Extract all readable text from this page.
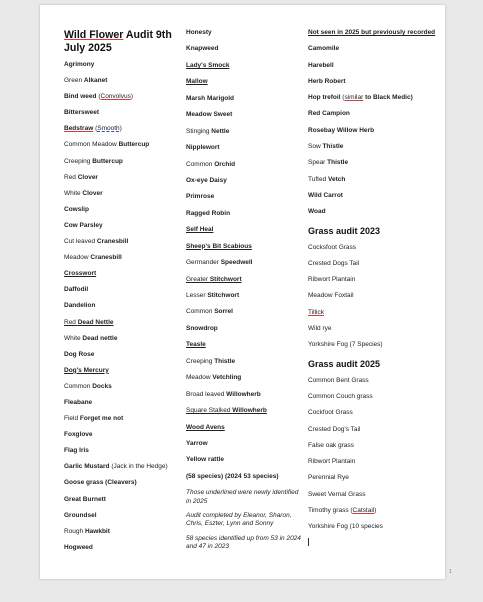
Wild Flower Audit 9th July 2025
Agrimony
Green Alkanet
Bind weed (Convolvus)
Bittersweet
Bedstraw (Smooth)
Common Meadow Buttercup
Creeping Buttercup
Red Clover
White Clover
Cowslip
Cow Parsley
Cut leaved Cranesbill
Meadow Cranesbill
Crosswort
Daffodil
Dandelion
Red Dead Nettle
White Dead nettle
Dog Rose
Dog's Mercury
Common Docks
Fleabane
Field Forget me not
Foxglove
Flag Iris
Garlic Mustard (Jack in the Hedge)
Goose grass (Cleavers)
Great Burnett
Groundsel
Rough Hawkbit
Hogweed
Honesty
Knapweed
Lady's Smock
Mallow
Marsh Marigold
Meadow Sweet
Stinging Nettle
Nipplewort
Common Orchid
Ox-eye Daisy
Primrose
Ragged Robin
Self Heal
Sheep's Bit Scabious
Germander Speedwell
Greater Stitchwort
Lesser Stitchwort
Common Sorrel
Snowdrop
Teasle
Creeping Thistle
Meadow Vetchling
Broad leaved Willowherb
Square Stalked Willowherb
Wood Avens
Yarrow
Yellow rattle
(58 species) (2024 53 species)
Those underlined were newly identified in 2025
Audit completed by Eleanor, Sharon, Chris, Eszter, Lynn and Sonny
58 species identified up from 53 in 2024 and 47 in 2023
Not seen in 2025 but previously recorded
Camomile
Harebell
Herb Robert
Hop trefoil (similar to Black Medic)
Red Campion
Rosebay Willow Herb
Sow Thistle
Spear Thistle
Tufted Vetch
Wild Carrot
Woad
Grass audit 2023
Cocksfoot Grass
Crested Dogs Tail
Ribwort Plantain
Meadow Foxtail
Tillick
Wild rye
Yorkshire Fog (7 Species)
Grass audit 2025
Common Bent Grass
Common Couch grass
Cockfoot Grass
Crested Dog's Tail
False oak grass
Ribwort Plantain
Perennial Rye
Sweet Vernal Grass
Timothy grass (Catstail)
Yorkshire Fog (10 species
1
